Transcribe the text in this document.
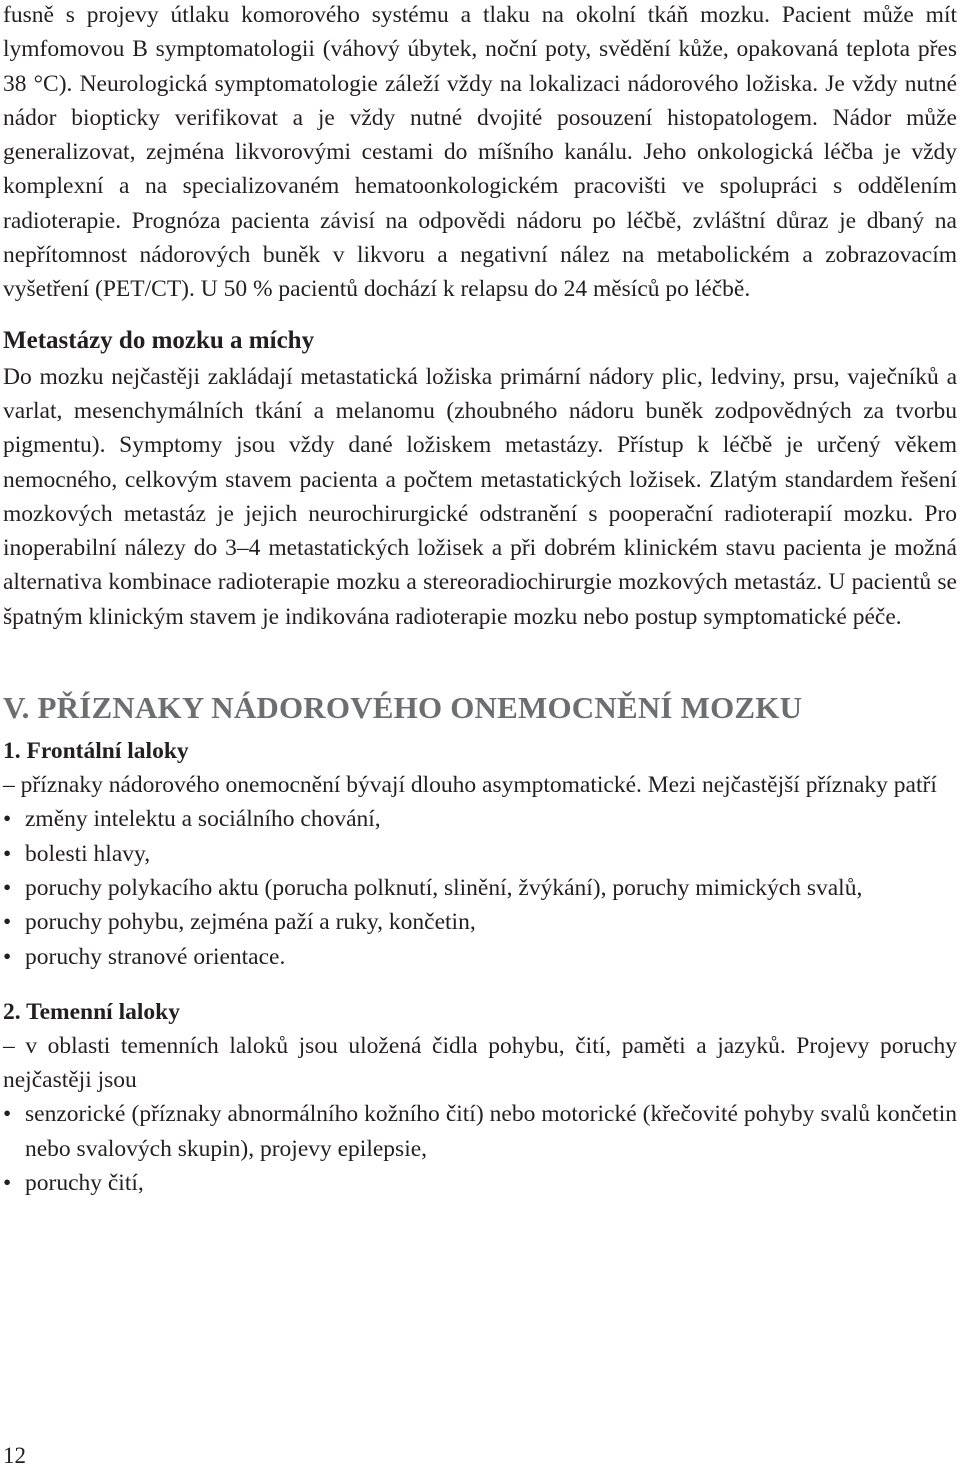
fusně s projevy útlaku komorového systému a tlaku na okolní tkáň mozku. Pacient může mít lymfomovou B symptomatologii (váhový úbytek, noční poty, svědění kůže, opakovaná teplota přes 38 °C). Neurologická symptomatologie záleží vždy na lokalizaci nádorového ložiska. Je vždy nutné nádor biopticky verifikovat a je vždy nutné dvojité posouzení histopatologem. Nádor může generalizovat, zejména likvorovými cestami do míšního kanálu. Jeho onkologická léčba je vždy komplexní a na specializovaném hematoonkologickém pracovišti ve spolupráci s oddělením radioterapie. Prognóza pacienta závisí na odpovědi nádoru po léčbě, zvláštní důraz je dbaný na nepřítomnost nádorových buněk v likvoru a negativní nález na metabolickém a zobrazovacím vyšetření (PET/CT). U 50 % pacientů dochází k relapsu do 24 měsíců po léčbě.

Metastázy do mozku a míchy

Do mozku nejčastěji zakládají metastatická ložiska primární nádory plic, ledviny, prsu, vaječníků a varlat, mesenchymálních tkání a melanomu (zhoubného nádoru buněk zodpovědných za tvorbu pigmentu). Symptomy jsou vždy dané ložiskem metastázy. Přístup k léčbě je určený věkem nemocného, celkovým stavem pacienta a počtem metastatických ložisek. Zlatým standardem řešení mozkových metastáz je jejich neurochirurgické odstranění s pooperační radioterapií mozku. Pro inoperabilní nálezy do 3–4 metastatických ložisek a při dobrém klinickém stavu pacienta je možná alternativa kombinace radioterapie mozku a stereoradiochirurgie mozkových metastáz. U pacientů se špatným klinickým stavem je indikována radioterapie mozku nebo postup symptomatické péče.

V. PŘÍZNAKY NÁDOROVÉHO ONEMOCNĚNÍ MOZKU
1. Frontální laloky

– příznaky nádorového onemocnění bývají dlouho asymptomatické. Mezi nejčastější příznaky patří

• změny intelektu a sociálního chování,
• bolesti hlavy,
• poruchy polykacího aktu (porucha polknutí, slinění, žvýkání), poruchy mimických svalů,
• poruchy pohybu, zejména paží a ruky, končetin,
• poruchy stranové orientace.
2. Temenní laloky

– v oblasti temenních laloků jsou uložená čidla pohybu, čití, paměti a jazyků. Projevy poruchy nejčastěji jsou

• senzorické (příznaky abnormálního kožního čití) nebo motorické (křečovité pohyby svalů končetin nebo svalových skupin), projevy epilepsie,
• poruchy čití,
12
